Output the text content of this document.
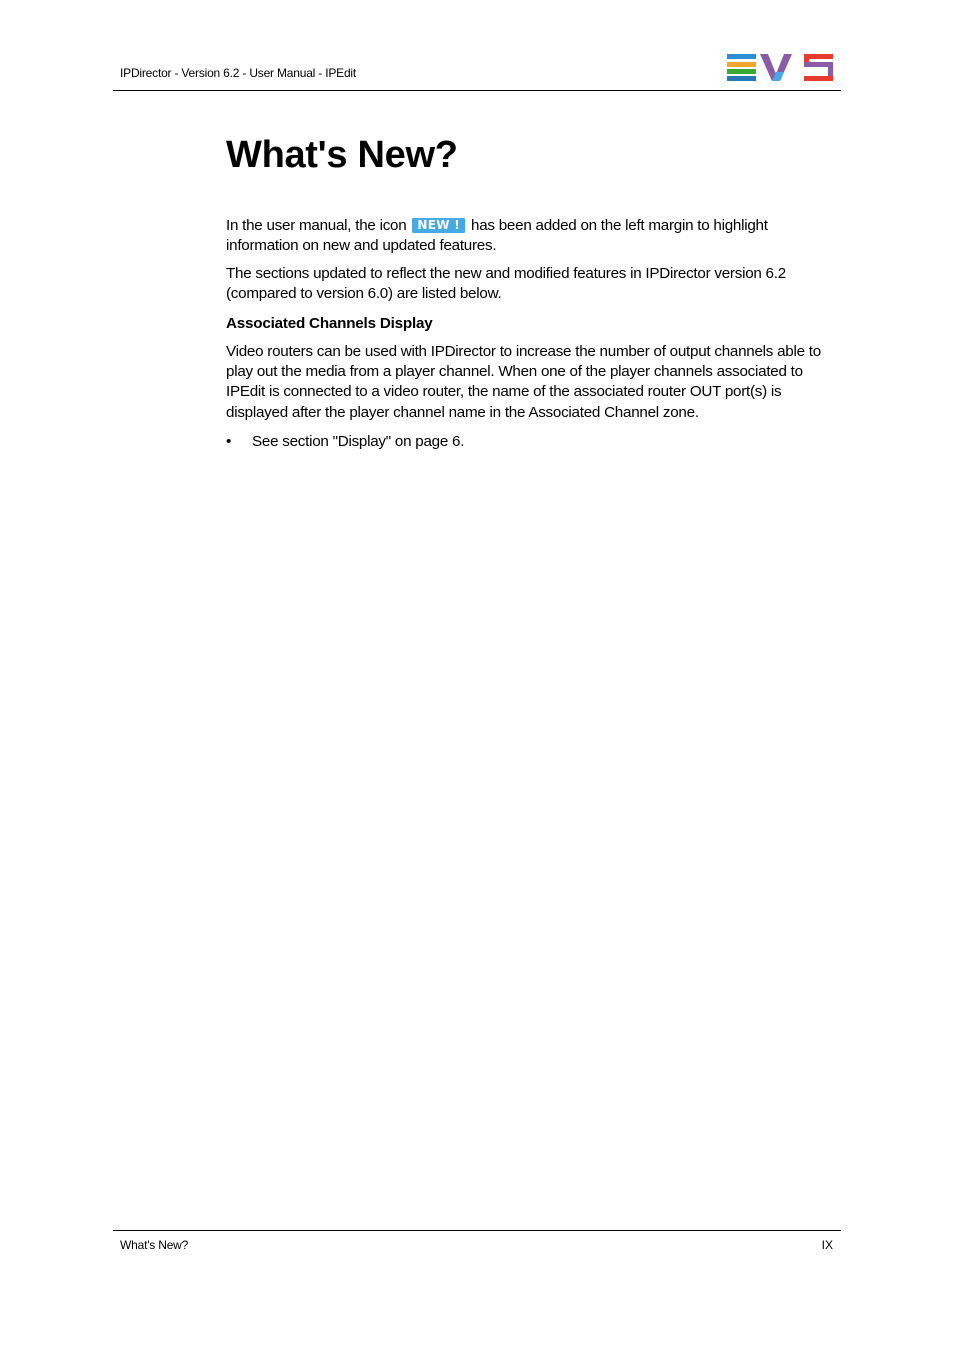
IPDirector - Version 6.2 - User Manual - IPEdit
What's New?

In the user manual, the icon NEW ! has been added on the left margin to highlight information on new and updated features.

The sections updated to reflect the new and modified features in IPDirector version 6.2 (compared to version 6.0) are listed below.

Associated Channels Display

Video routers can be used with IPDirector to increase the number of output channels able to play out the media from a player channel. When one of the player channels associated to IPEdit is connected to a video router, the name of the associated router OUT port(s) is displayed after the player channel name in the Associated Channel zone.

• See section "Display" on page 6.
What's New?	IX
